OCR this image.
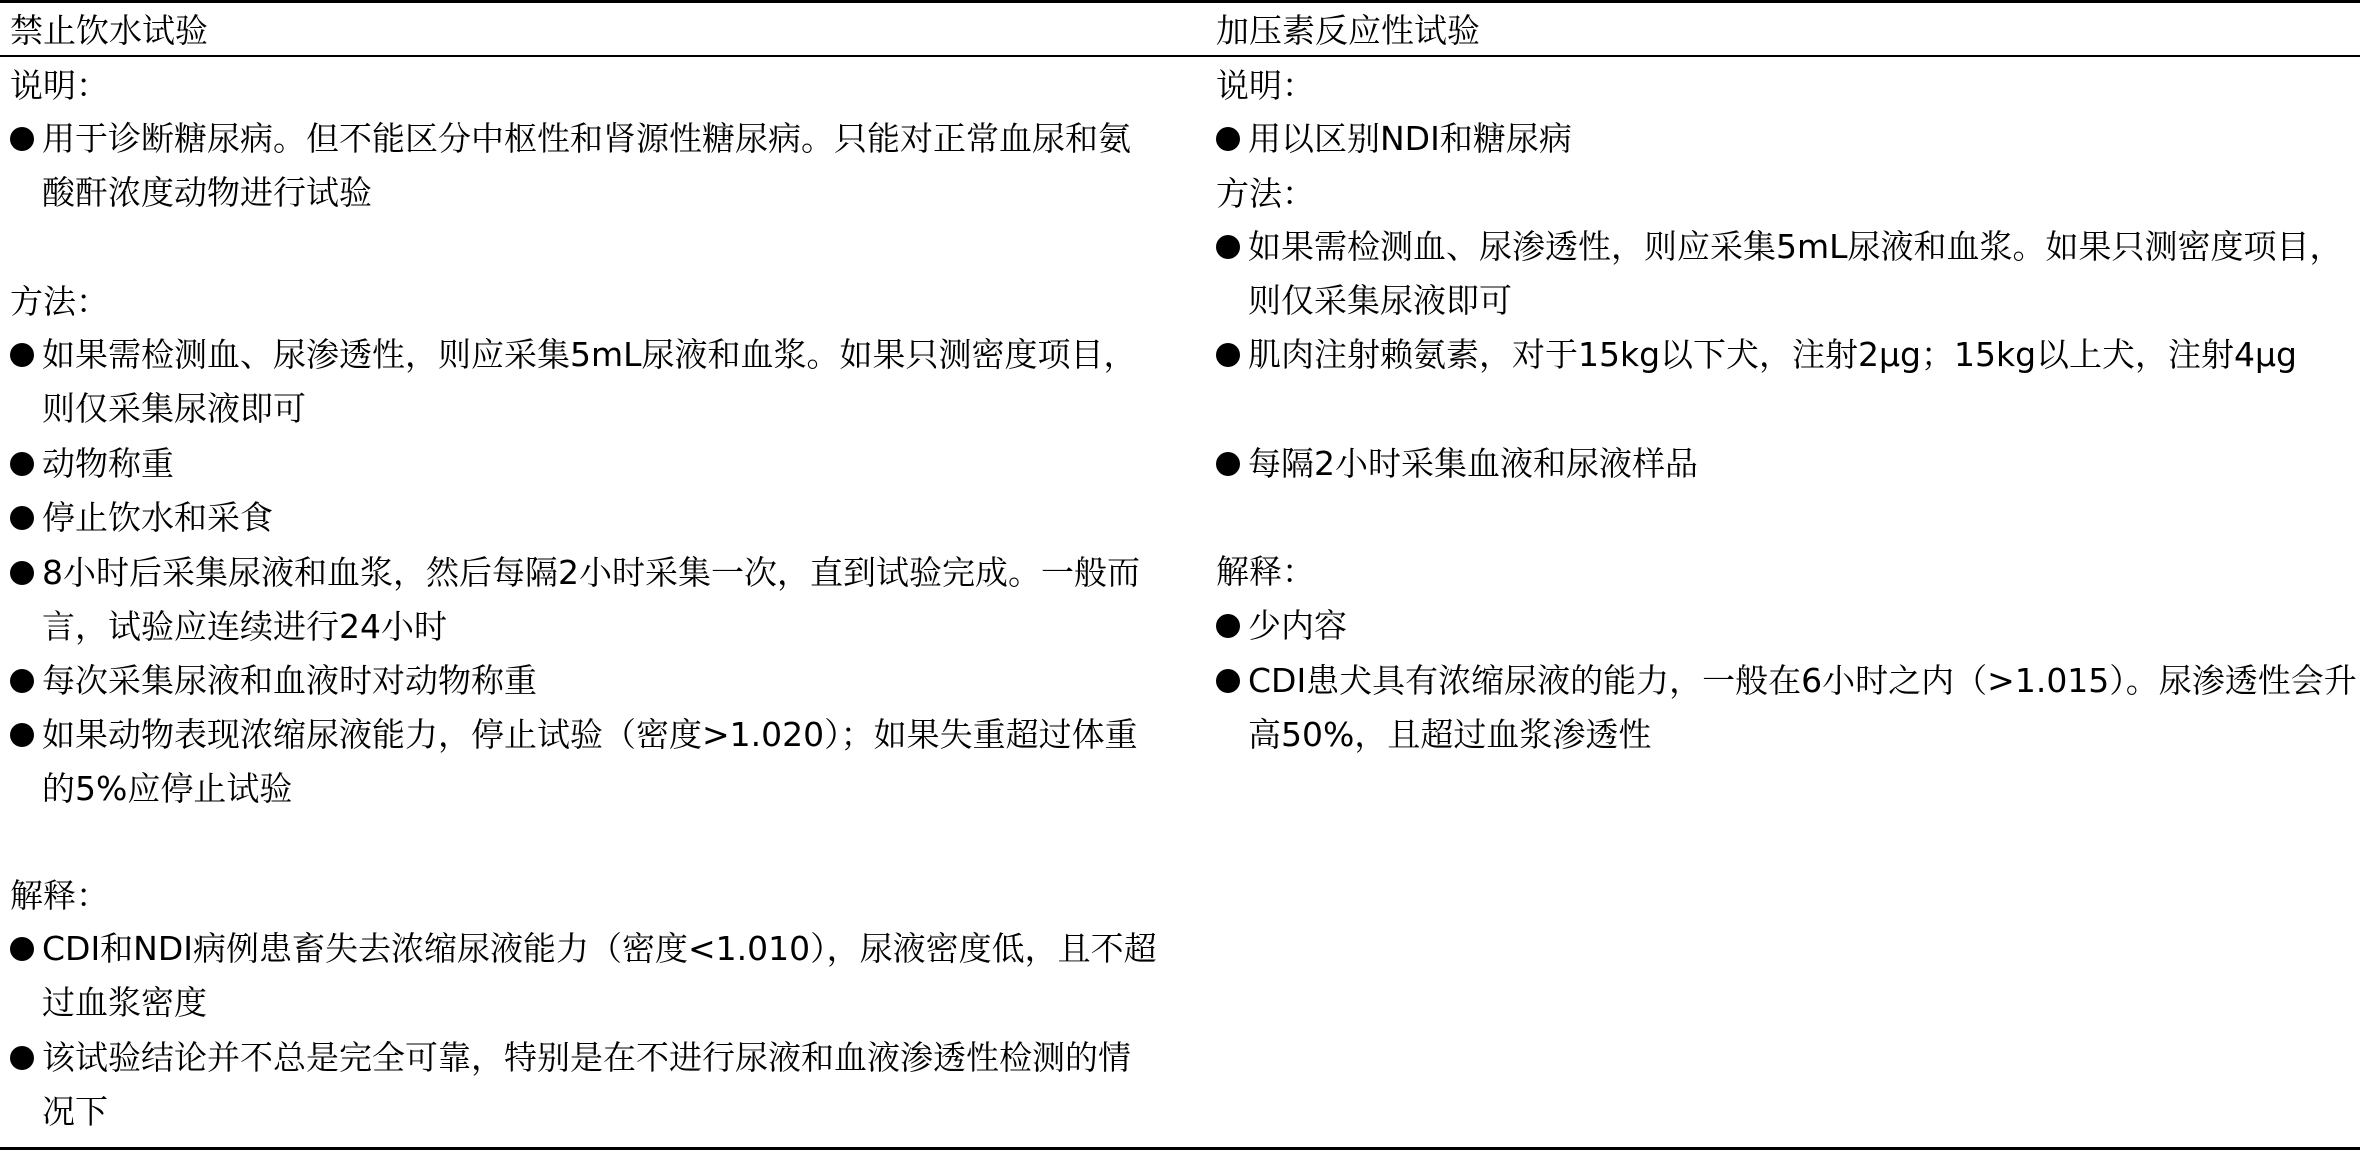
禁止饮水试验
说明：
用于诊断糖尿病。但不能区分中枢性和肾源性糖尿病。只能对正常血尿和氨酸酐浓度动物进行试验
方法：
如果需检测血、尿渗透性，则应采集5mL尿液和血浆。如果只测密度项目，则仅采集尿液即可
动物称重
停止饮水和采食
8小时后采集尿液和血浆，然后每隔2小时采集一次，直到试验完成。一般而言，试验应连续进行24小时
每次采集尿液和血液时对动物称重
如果动物表现浓缩尿液能力，停止试验（密度>1.020）；如果失重超过体重的5%应停止试验
解释：
CDI和NDI病例患畜失去浓缩尿液能力（密度<1.010），尿液密度低，且不超过血浆密度
该试验结论并不总是完全可靠，特别是在不进行尿液和血液渗透性检测的情况下
加压素反应性试验
说明：
用以区别NDI和糖尿病
方法：
如果需检测血、尿渗透性，则应采集5mL尿液和血浆。如果只测密度项目，则仅采集尿液即可
肌肉注射赖氨素，对于15kg以下犬，注射2μg；15kg以上犬，注射4μg
每隔2小时采集血液和尿液样品
解释：
少内容
CDI患犬具有浓缩尿液的能力，一般在6小时之内（>1.015）。尿渗透性会升高50%，且超过血浆渗透性
